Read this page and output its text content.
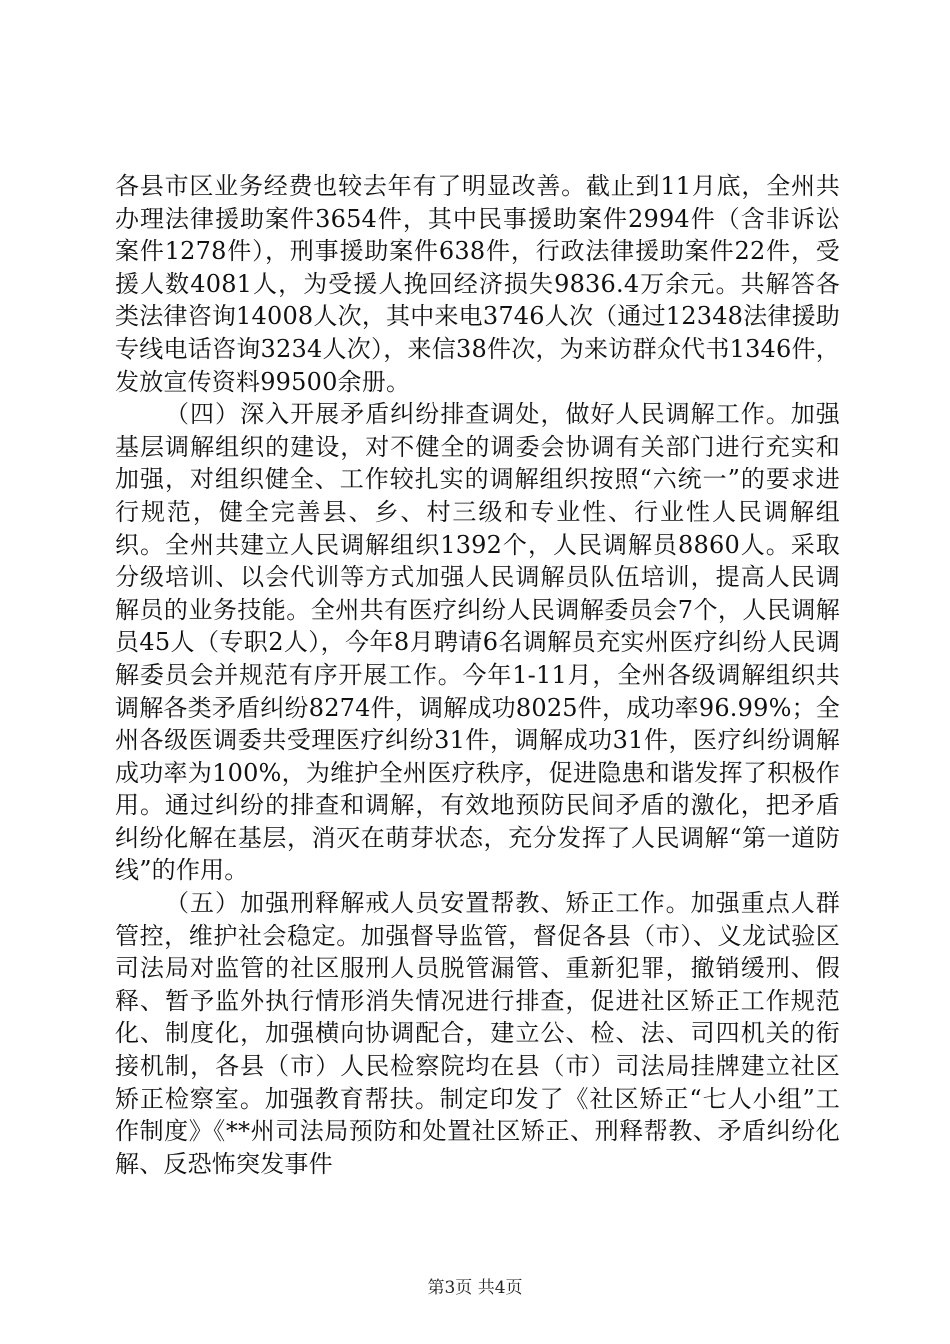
各县市区业务经费也较去年有了明显改善。截止到11月底，全州共办理法律援助案件3654件，其中民事援助案件2994件（含非诉讼案件1278件），刑事援助案件638件，行政法律援助案件22件，受援人数4081人，为受援人挽回经济损失9836.4万余元。共解答各类法律咨询14008人次，其中来电3746人次（通过12348法律援助专线电话咨询3234人次），来信38件次，为来访群众代书1346件，发放宣传资料99500余册。

（四）深入开展矛盾纠纷排查调处，做好人民调解工作。加强基层调解组织的建设，对不健全的调委会协调有关部门进行充实和加强，对组织健全、工作较扎实的调解组织按照“六统一”的要求进行规范，健全完善县、乡、村三级和专业性、行业性人民调解组织。全州共建立人民调解组织1392个，人民调解员8860人。采取分级培训、以会代训等方式加强人民调解员队伍培训，提高人民调解员的业务技能。全州共有医疗纠纷人民调解委员会7个，人民调解员45人（专职2人），今年8月聘请6名调解员充实州医疗纠纷人民调解委员会并规范有序开展工作。今年1-11月，全州各级调解组织共调解各类矛盾纠纷8274件，调解成功8025件，成功率96.99%；全州各级医调委共受理医疗纠纷31件，调解成功31件，医疗纠纷调解成功率为100%，为维护全州医疗秩序，促进隐患和谐发挥了积极作用。通过纠纷的排查和调解，有效地预防民间矛盾的激化，把矛盾纠纷化解在基层，消灭在萌芽状态，充分发挥了人民调解“第一道防线”的作用。

（五）加强刑释解戒人员安置帮教、矫正工作。加强重点人群管控，维护社会稳定。加强督导监管，督促各县（市）、义龙试验区司法局对监管的社区服刑人员脱管漏管、重新犯罪，撤销缓刑、假释、暂予监外执行情形消失情况进行排查，促进社区矫正工作规范化、制度化，加强横向协调配合，建立公、检、法、司四机关的衔接机制，各县（市）人民检察院均在县（市）司法局挂牌建立社区矫正检察室。加强教育帮扶。制定印发了《社区矫正“七人小组”工作制度》《**州司法局预防和处置社区矫正、刑释帮教、矛盾纠纷化解、反恐怖突发事件

第3页 共4页
